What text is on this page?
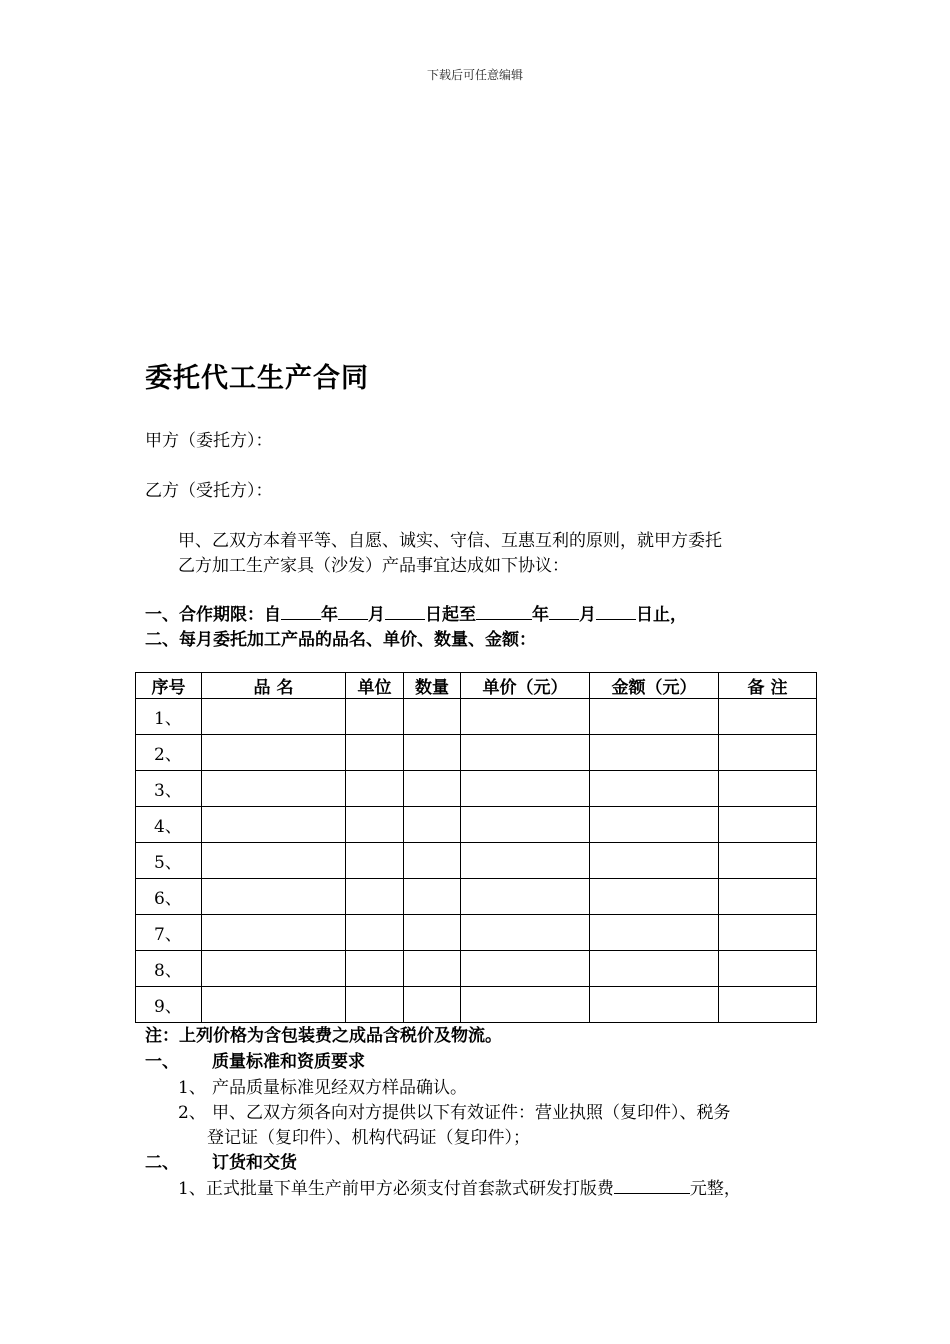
下载后可任意编辑
委托代工生产合同
甲方（委托方）：
乙方（受托方）：
甲、乙双方本着平等、自愿、诚实、守信、互惠互利的原则，就甲方委托
乙方加工生产家具（沙发）产品事宜达成如下协议：
一、合作期限：自 年 月 日起至	年 月 日止，
二、每月委托加工产品的品名、单价、数量、金额：
序号	品 名	单位	数量	单价（元）	金额（元）	备 注
1、						
2、						
3、						
4、						
5、						
6、						
7、						
8、						
9、						
注：上列价格为含包装费之成品含税价及物流。
一、 质量标准和资质要求
1、 产品质量标准见经双方样品确认。
2、 甲、乙双方须各向对方提供以下有效证件：营业执照（复印件）、税务
登记证（复印件）、机构代码证（复印件）；
二、 订货和交货
1、正式批量下单生产前甲方必须支付首套款式研发打版费	元整，
